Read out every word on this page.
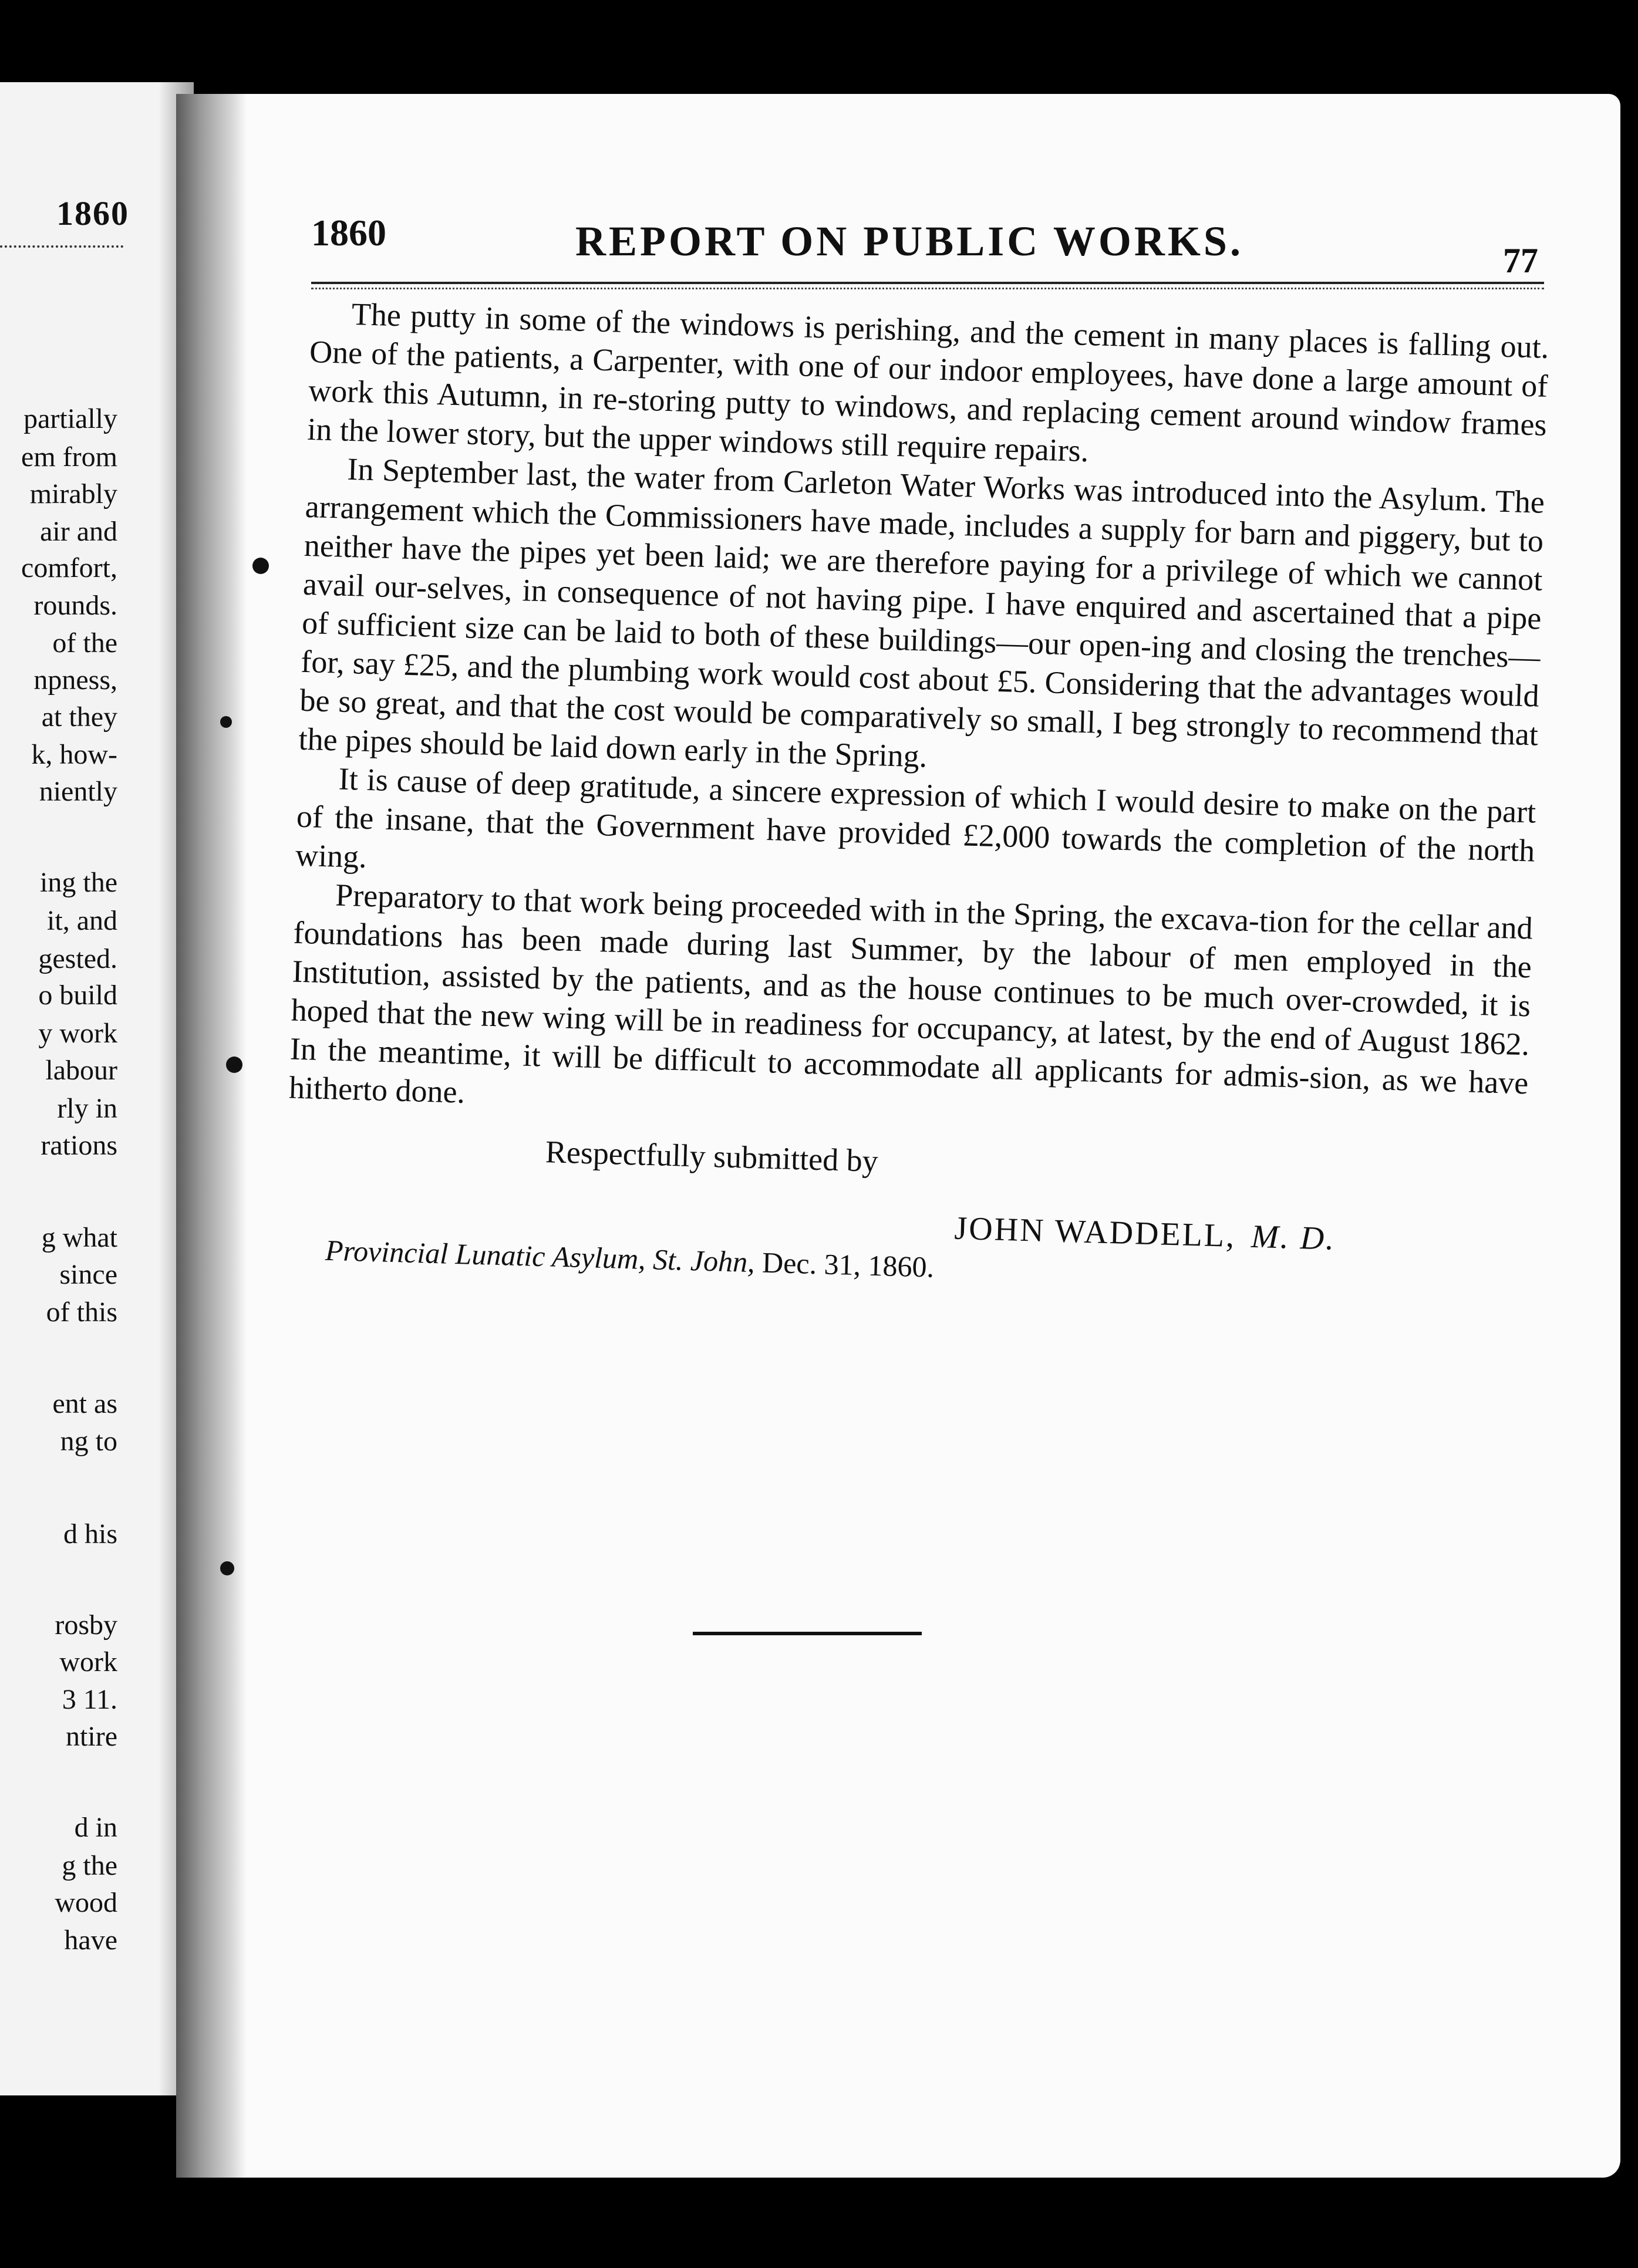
1860
partially
em from
mirably
air and
comfort,
rounds.
of the
npness,
at they
k, how-
niently
ing the
it, and
gested.
o build
y work
labour
rly in
rations
g what
since
of this
ent as
ng to
d his
rosby
work
3 11.
ntire
d in
g the
wood
have
1860	REPORT ON PUBLIC WORKS.	77

The putty in some of the windows is perishing, and the cement in many places is falling out. One of the patients, a Carpenter, with one of our indoor employees, have done a large amount of work this Autumn, in re-storing putty to windows, and replacing cement around window frames in the lower story, but the upper windows still require repairs.

In September last, the water from Carleton Water Works was introduced into the Asylum. The arrangement which the Commissioners have made, includes a supply for barn and piggery, but to neither have the pipes yet been laid; we are therefore paying for a privilege of which we cannot avail our-selves, in consequence of not having pipe. I have enquired and ascertained that a pipe of sufficient size can be laid to both of these buildings—our open-ing and closing the trenches—for, say £25, and the plumbing work would cost about £5. Considering that the advantages would be so great, and that the cost would be comparatively so small, I beg strongly to recommend that the pipes should be laid down early in the Spring.

It is cause of deep gratitude, a sincere expression of which I would desire to make on the part of the insane, that the Government have provided £2,000 towards the completion of the north wing.

Preparatory to that work being proceeded with in the Spring, the excava-tion for the cellar and foundations has been made during last Summer, by the labour of men employed in the Institution, assisted by the patients, and as the house continues to be much over-crowded, it is hoped that the new wing will be in readiness for occupancy, at latest, by the end of August 1862. In the meantime, it will be difficult to accommodate all applicants for admis-sion, as we have hitherto done.

Respectfully submitted by
JOHN WADDELL, M. D.
Provincial Lunatic Asylum, St. John, Dec. 31, 1860.
